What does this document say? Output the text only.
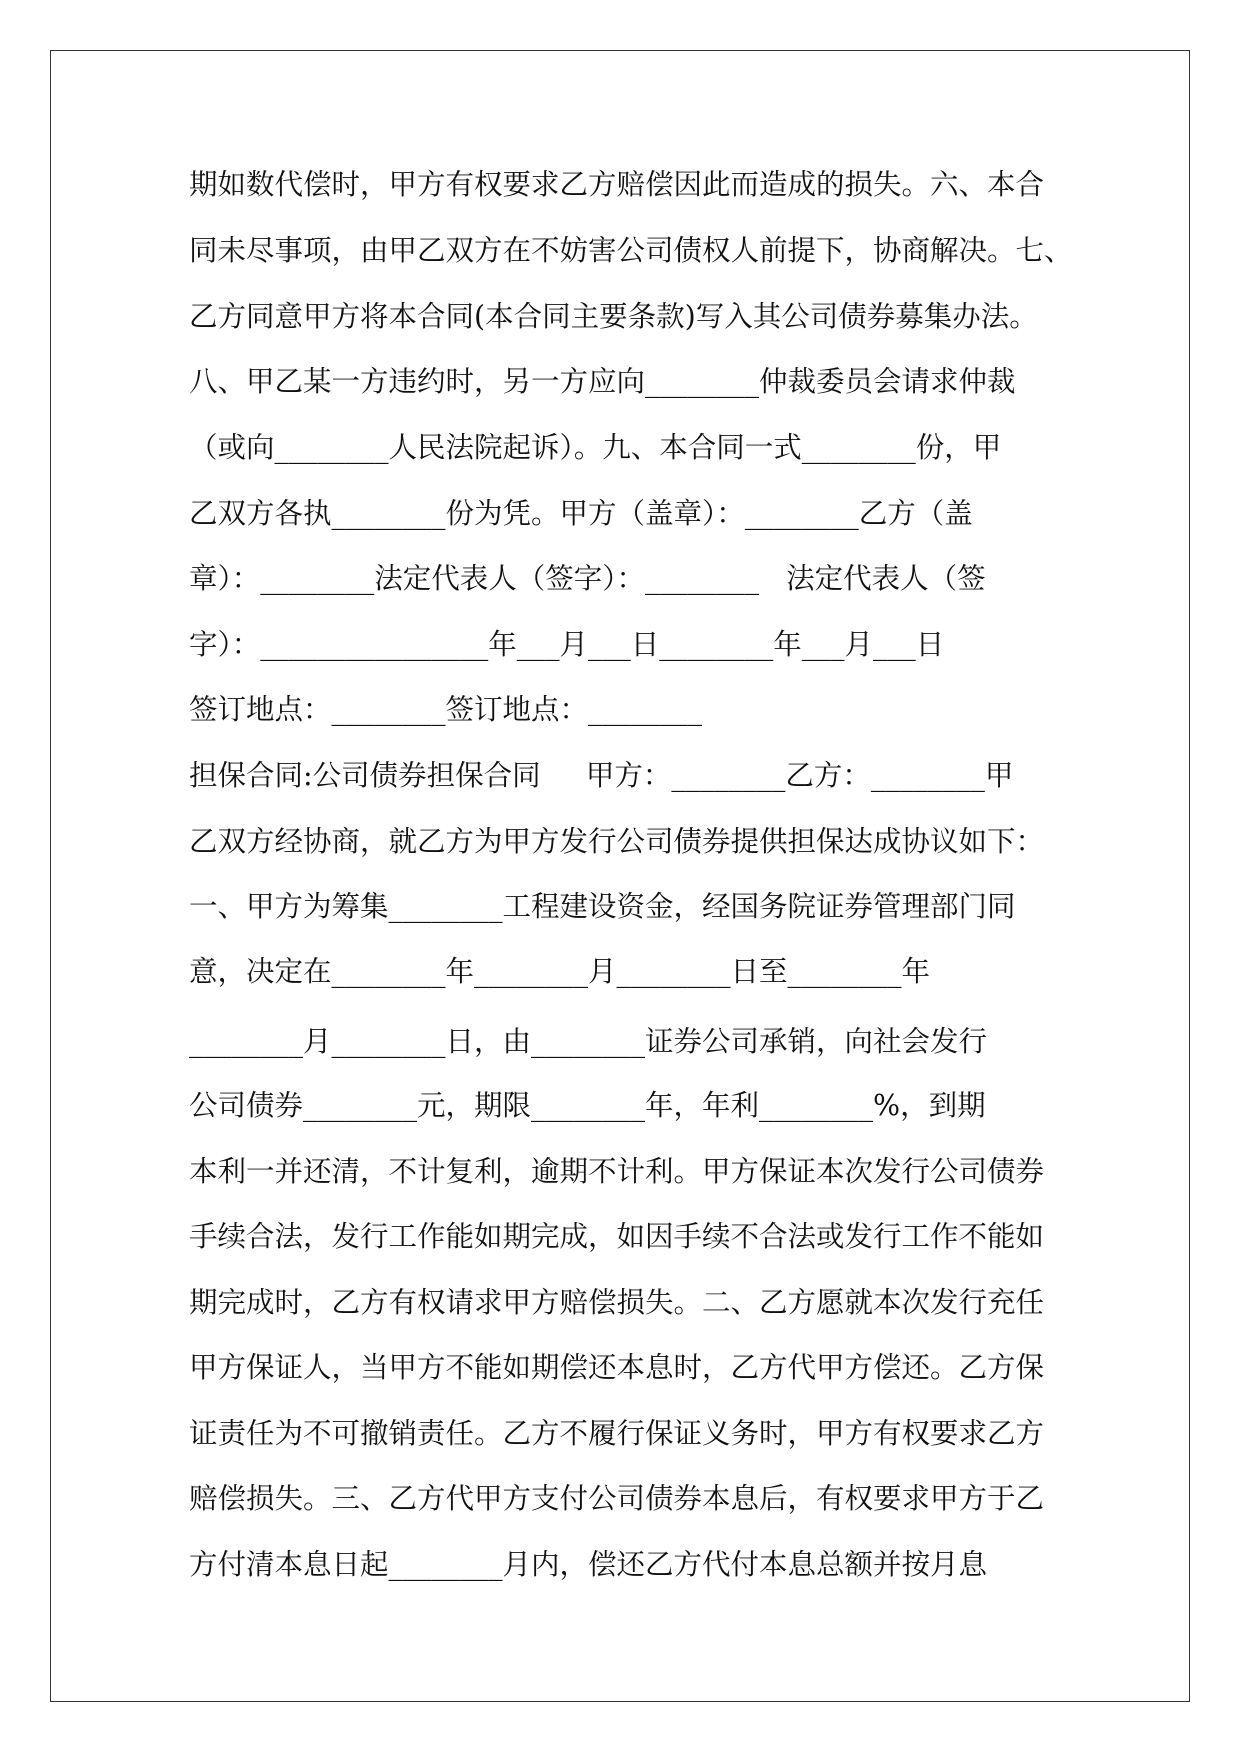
期如数代偿时，甲方有权要求乙方赔偿因此而造成的损失。六、本合
同未尽事项，由甲乙双方在不妨害公司债权人前提下，协商解决。七、
乙方同意甲方将本合同(本合同主要条款)写入其公司债券募集办法。
八、甲乙某一方违约时，另一方应向________仲裁委员会请求仲裁
（或向________人民法院起诉）。九、本合同一式________份，甲
乙双方各执________份为凭。甲方（盖章）：________乙方（盖
章）：________法定代表人（签字）：________   法定代表人（签
字）：________________年___月___日________年___月___日
签订地点：________签订地点：________
担保合同:公司债券担保合同     甲方：________乙方：________甲
乙双方经协商，就乙方为甲方发行公司债券提供担保达成协议如下：
一、甲方为筹集________工程建设资金，经国务院证券管理部门同
意，决定在________年________月________日至________年
________月________日，由________证券公司承销，向社会发行
公司债券________元，期限________年，年利________%，到期
本利一并还清，不计复利，逾期不计利。甲方保证本次发行公司债券
手续合法，发行工作能如期完成，如因手续不合法或发行工作不能如
期完成时，乙方有权请求甲方赔偿损失。二、乙方愿就本次发行充任
甲方保证人，当甲方不能如期偿还本息时，乙方代甲方偿还。乙方保
证责任为不可撤销责任。乙方不履行保证义务时，甲方有权要求乙方
赔偿损失。三、乙方代甲方支付公司债券本息后，有权要求甲方于乙
方付清本息日起________月内，偿还乙方代付本息总额并按月息
